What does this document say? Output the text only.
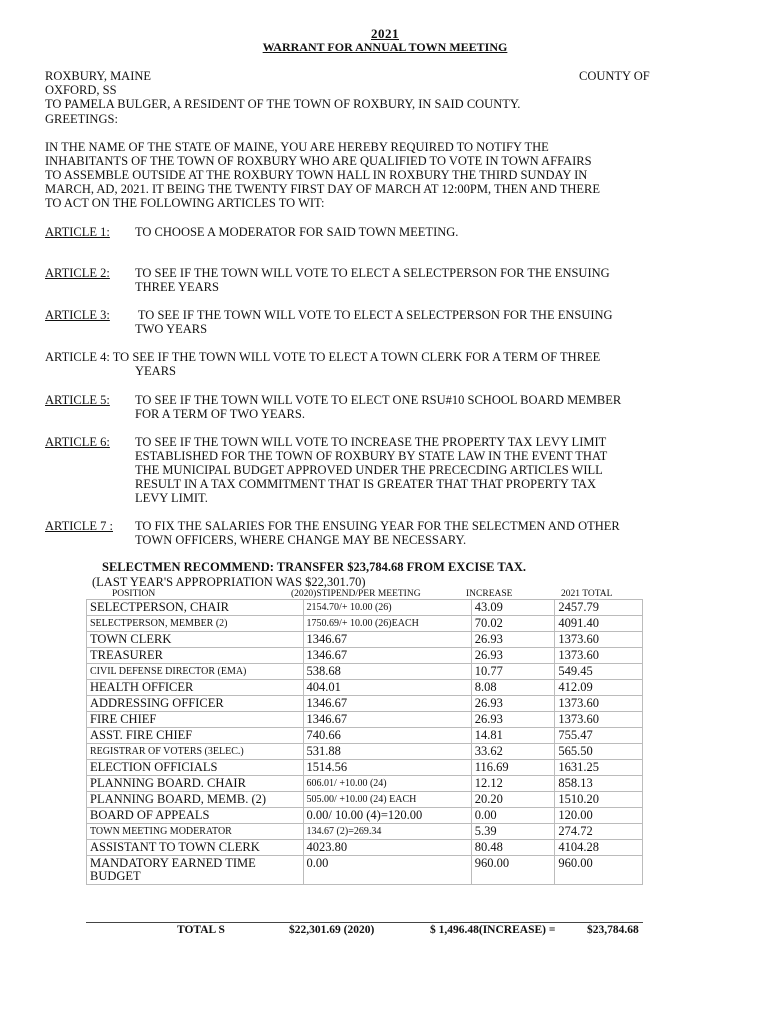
2021
WARRANT FOR ANNUAL TOWN MEETING
ROXBURY, MAINE	COUNTY OF
OXFORD, SS
TO PAMELA BULGER, A RESIDENT OF THE TOWN OF ROXBURY, IN SAID COUNTY.
GREETINGS:
IN THE NAME OF THE STATE OF MAINE, YOU ARE HEREBY REQUIRED TO NOTIFY THE
INHABITANTS OF THE TOWN OF ROXBURY WHO ARE QUALIFIED TO VOTE IN TOWN AFFAIRS
TO ASSEMBLE OUTSIDE AT THE ROXBURY TOWN HALL IN ROXBURY THE THIRD SUNDAY IN
MARCH, AD, 2021. IT BEING THE TWENTY FIRST DAY OF MARCH AT 12:00PM, THEN AND THERE
TO ACT ON THE FOLLOWING ARTICLES TO WIT:
ARTICLE 1: TO CHOOSE A MODERATOR FOR SAID TOWN MEETING.
ARTICLE 2: TO SEE IF THE TOWN WILL VOTE TO ELECT A SELECTPERSON FOR THE ENSUING
THREE YEARS
ARTICLE 3: TO SEE IF THE TOWN WILL VOTE TO ELECT A SELECTPERSON FOR THE ENSUING
TWO YEARS
ARTICLE 4: TO SEE IF THE TOWN WILL VOTE TO ELECT A TOWN CLERK FOR A TERM OF THREE
YEARS
ARTICLE 5: TO SEE IF THE TOWN WILL VOTE TO ELECT ONE RSU#10 SCHOOL BOARD MEMBER
FOR A TERM OF TWO YEARS.
ARTICLE 6: TO SEE IF THE TOWN WILL VOTE TO INCREASE THE PROPERTY TAX LEVY LIMIT
ESTABLISHED FOR THE TOWN OF ROXBURY BY STATE LAW IN THE EVENT THAT
THE MUNICIPAL BUDGET APPROVED UNDER THE PRECECDING ARTICLES WILL
RESULT IN A TAX COMMITMENT THAT IS GREATER THAT THAT PROPERTY TAX
LEVY LIMIT.
ARTICLE 7 : TO FIX THE SALARIES FOR THE ENSUING YEAR FOR THE SELECTMEN AND OTHER
TOWN OFFICERS, WHERE CHANGE MAY BE NECESSARY.
SELECTMEN RECOMMEND: TRANSFER $23,784.68 FROM EXCISE TAX.
(LAST YEAR'S APPROPRIATION WAS $22,301.70)
POSITION	(2020)STIPEND/PER MEETING	INCREASE	2021 TOTAL
SELECTPERSON, CHAIR	2154.70/+ 10.00 (26)	43.09	2457.79
SELECTPERSON, MEMBER (2)	1750.69/+ 10.00 (26)EACH	70.02	4091.40
TOWN CLERK	1346.67	26.93	1373.60
TREASURER	1346.67	26.93	1373.60
CIVIL DEFENSE DIRECTOR (EMA)	538.68	10.77	549.45
HEALTH OFFICER	404.01	8.08	412.09
ADDRESSING OFFICER	1346.67	26.93	1373.60
FIRE CHIEF	1346.67	26.93	1373.60
ASST. FIRE CHIEF	740.66	14.81	755.47
REGISTRAR OF VOTERS (3ELEC.)	531.88	33.62	565.50
ELECTION OFFICIALS	1514.56	116.69	1631.25
PLANNING BOARD. CHAIR	606.01/ +10.00 (24)	12.12	858.13
PLANNING BOARD, MEMB. (2)	505.00/ +10.00 (24) EACH	20.20	1510.20
BOARD OF APPEALS	0.00/ 10.00 (4)=120.00	0.00	120.00
TOWN MEETING MODERATOR	134.67 (2)=269.34	5.39	274.72
ASSISTANT TO TOWN CLERK	4023.80	80.48	4104.28
MANDATORY EARNED TIME BUDGET	0.00	960.00	960.00
TOTAL S	$22,301.69 (2020)	$ 1,496.48(INCREASE) =	$23,784.68
